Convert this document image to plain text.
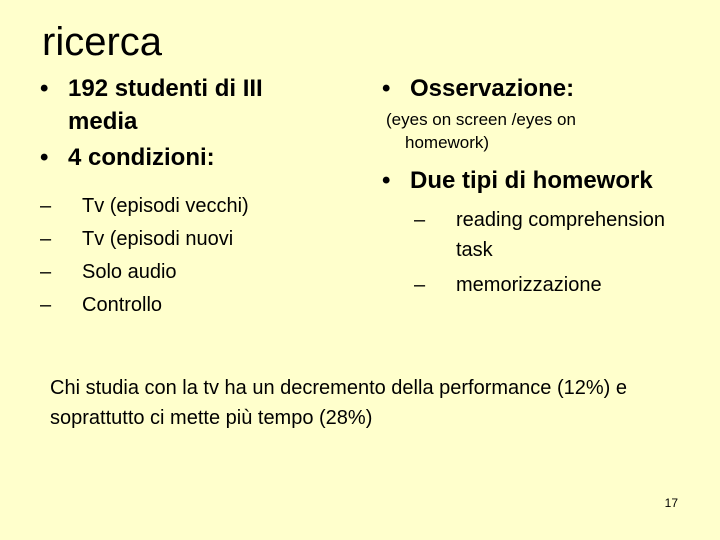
ricerca
• 192 studenti di III media
• 4 condizioni:
– Tv (episodi vecchi)
– Tv (episodi nuovi
– Solo audio
– Controllo
• Osservazione:
(eyes on screen /eyes on homework)
• Due tipi di homework
– reading comprehension task
– memorizzazione
Chi studia con la tv ha un decremento della performance (12%) e soprattutto ci mette più tempo (28%)
17
